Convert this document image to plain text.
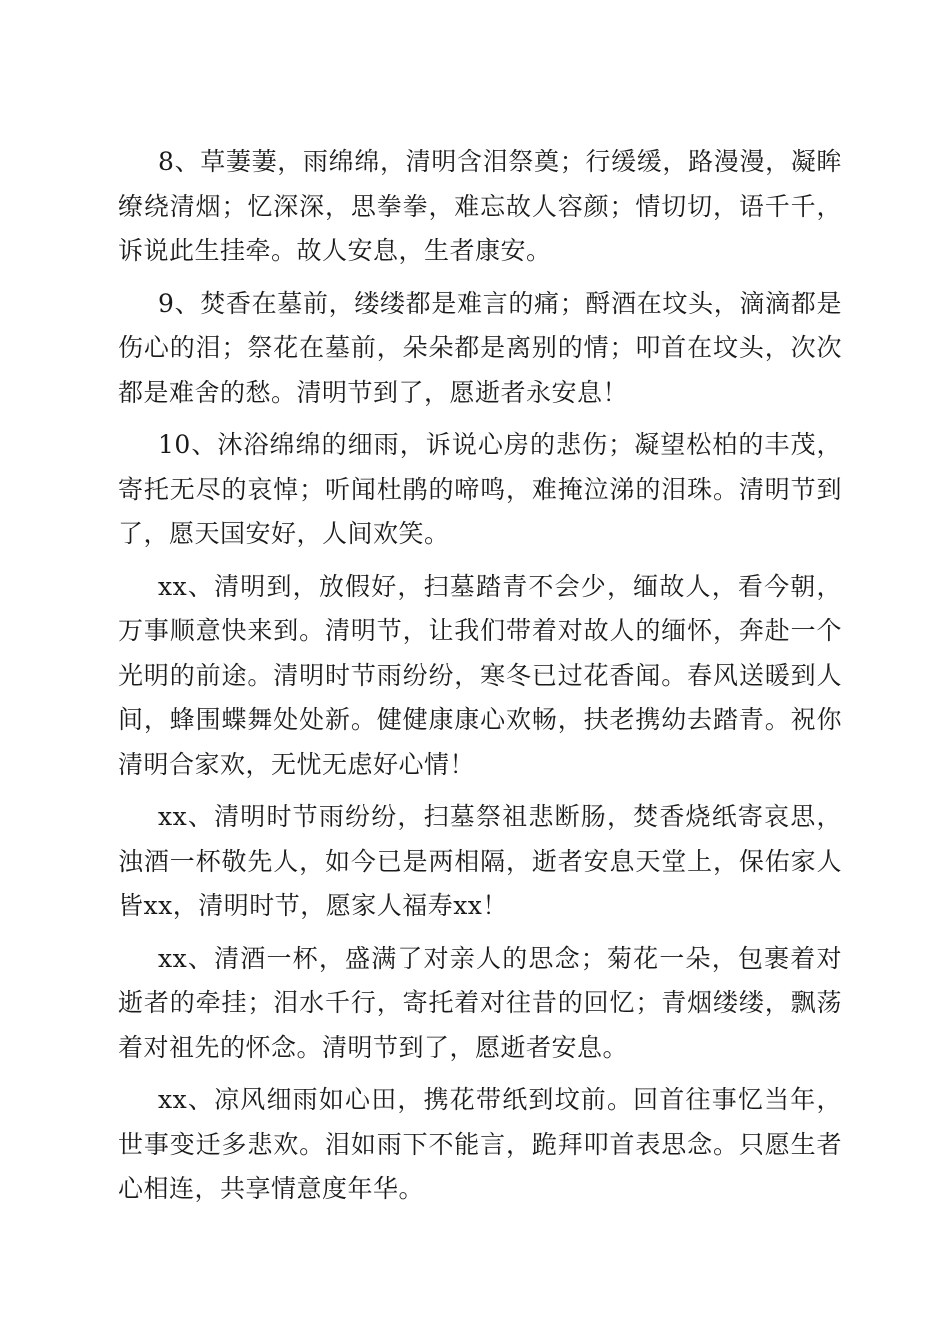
8、草萋萋，雨绵绵，清明含泪祭奠；行缓缓，路漫漫，凝眸缭绕清烟；忆深深，思拳拳，难忘故人容颜；情切切，语千千，诉说此生挂牵。故人安息，生者康安。

9、焚香在墓前，缕缕都是难言的痛；酹酒在坟头，滴滴都是伤心的泪；祭花在墓前，朵朵都是离别的情；叩首在坟头，次次都是难舍的愁。清明节到了，愿逝者永安息！

10、沐浴绵绵的细雨，诉说心房的悲伤；凝望松柏的丰茂，寄托无尽的哀悼；听闻杜鹃的啼鸣，难掩泣涕的泪珠。清明节到了，愿天国安好，人间欢笑。

xx、清明到，放假好，扫墓踏青不会少，缅故人，看今朝，万事顺意快来到。清明节，让我们带着对故人的缅怀，奔赴一个光明的前途。清明时节雨纷纷，寒冬已过花香闻。春风送暖到人间，蜂围蝶舞处处新。健健康康心欢畅，扶老携幼去踏青。祝你清明合家欢，无忧无虑好心情！

xx、清明时节雨纷纷，扫墓祭祖悲断肠，焚香烧纸寄哀思，浊酒一杯敬先人，如今已是两相隔，逝者安息天堂上，保佑家人皆xx，清明时节，愿家人福寿xx！

xx、清酒一杯，盛满了对亲人的思念；菊花一朵，包裹着对逝者的牵挂；泪水千行，寄托着对往昔的回忆；青烟缕缕，飘荡着对祖先的怀念。清明节到了，愿逝者安息。

xx、凉风细雨如心田，携花带纸到坟前。回首往事忆当年，世事变迁多悲欢。泪如雨下不能言，跪拜叩首表思念。只愿生者心相连，共享情意度年华。
